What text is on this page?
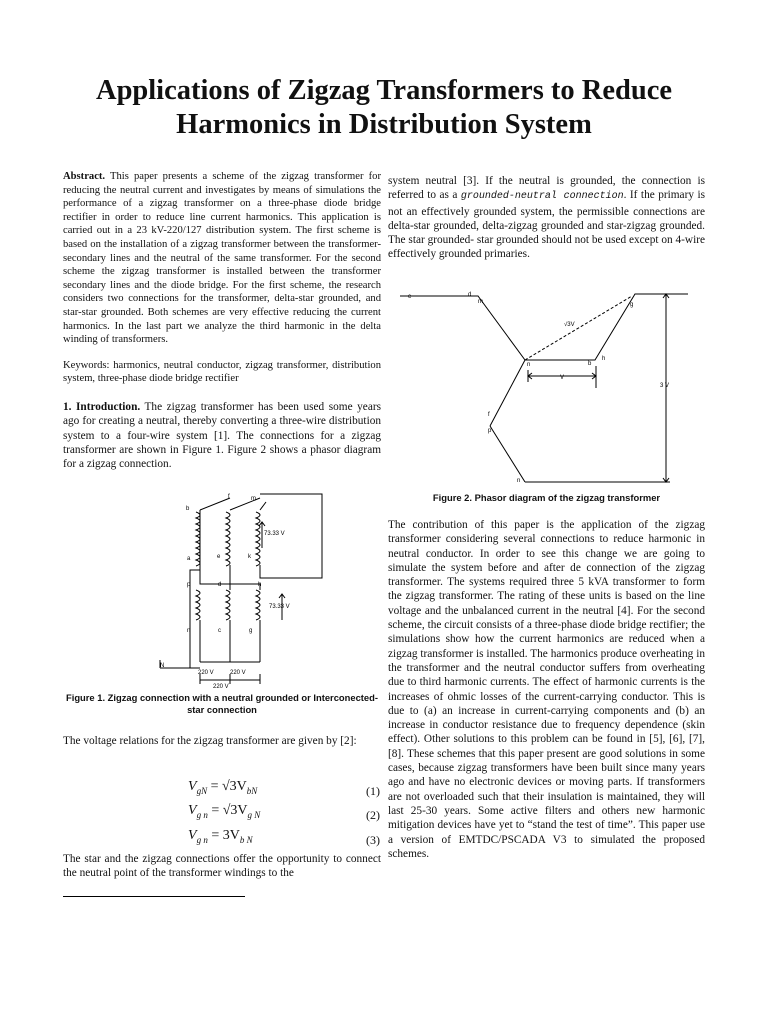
Applications of Zigzag Transformers to Reduce Harmonics in Distribution System

Abstract. This paper presents a scheme of the zigzag transformer for reducing the neutral current and investigates by means of simulations the performance of a zigzag transformer on a three-phase diode bridge rectifier in order to reduce line current harmonics. This application is carried out in a 23 kV-220/127 distribution system. The first scheme is based on the installation of a zigzag transformer between the transformer-secondary lines and the neutral of the same transformer. For the second scheme the zigzag transformer is installed between the transformer secondary lines and the diode bridge. For the first scheme, the research considers two connections for the transformer, delta-star grounded, and star-star grounded. Both schemes are very effective reducing the current harmonics. In the last part we analyze the third harmonic in the delta winding of transformers.

Keywords: harmonics, neutral conductor, zigzag transformer, distribution system, three-phase diode bridge rectifier

1. Introduction. The zigzag transformer has been used some years ago for creating a neutral, thereby converting a three-wire distribution system to a four-wire system [1]. The connections for a zigzag transformer are shown in Figure 1. Figure 2 shows a phasor diagram for a zigzag connection.

b
f	m
a	e	k
p	d	h
n	c	g
N
73.33 V
73.33 V
220 V	220 V
220 V
Figure 1. Zigzag connection with a neutral grounded or Interconected-star connection

The voltage relations for the zigzag transformer are given by [2]:

$V_{gN} = √3V_{bN}$	(1)
$V_{g n} = √3V_{g N}$	(2)
$V_{g n} = 3V_{b N}$	(3)

The star and the zigzag connections offer the opportunity to connect the neutral point of the transformer windings to the

system neutral [3]. If the neutral is grounded, the connection is referred to as a grounded-neutral connection. If the primary is not an effectively grounded system, the permissible connections are delta-star grounded, delta-zigzag grounded and star-zigzag grounded. The star grounded- star grounded should not be used except on 4-wire effectively grounded primaries.

c	d
m	g
√3V
h
n	b
V
3 V
f
p
n
Figure 2. Phasor diagram of the zigzag transformer

The contribution of this paper is the application of the zigzag transformer considering several connections to reduce harmonic in neutral conductor. In order to see this change we are going to simulate the system before and after de connection of the zigzag transformer. The systems required three 5 kVA transformer to form the zigzag transformer. The rating of these units is based on the line voltage and the unbalanced current in the neutral [4]. For the second scheme, the circuit consists of a three-phase diode bridge rectifier; the simulations show how the current harmonics are reduced when a zigzag transformer is installed. The harmonics produce overheating in the transformer and the neutral conductor suffers from overheating due to third harmonic currents. The effect of harmonic currents is the increases of ohmic losses of the current-carrying conductor. This is due to (a) an increase in current-carrying components and (b) an increase in conductor resistance due to frequency dependence (skin effect). Other solutions to this problem can be found in [5], [6], [7], [8]. These schemes that this paper present are good solutions in some cases, because zigzag transformers have been built since many years ago and have no electronic devices or moving parts. If transformers are not overloaded such that their insulation is maintained, they will last 25-30 years. Some active filters and others new harmonic mitigation devices have yet to “stand the test of time”. This paper use a version of EMTDC/PSCADA V3 to simulated the proposed schemes.
